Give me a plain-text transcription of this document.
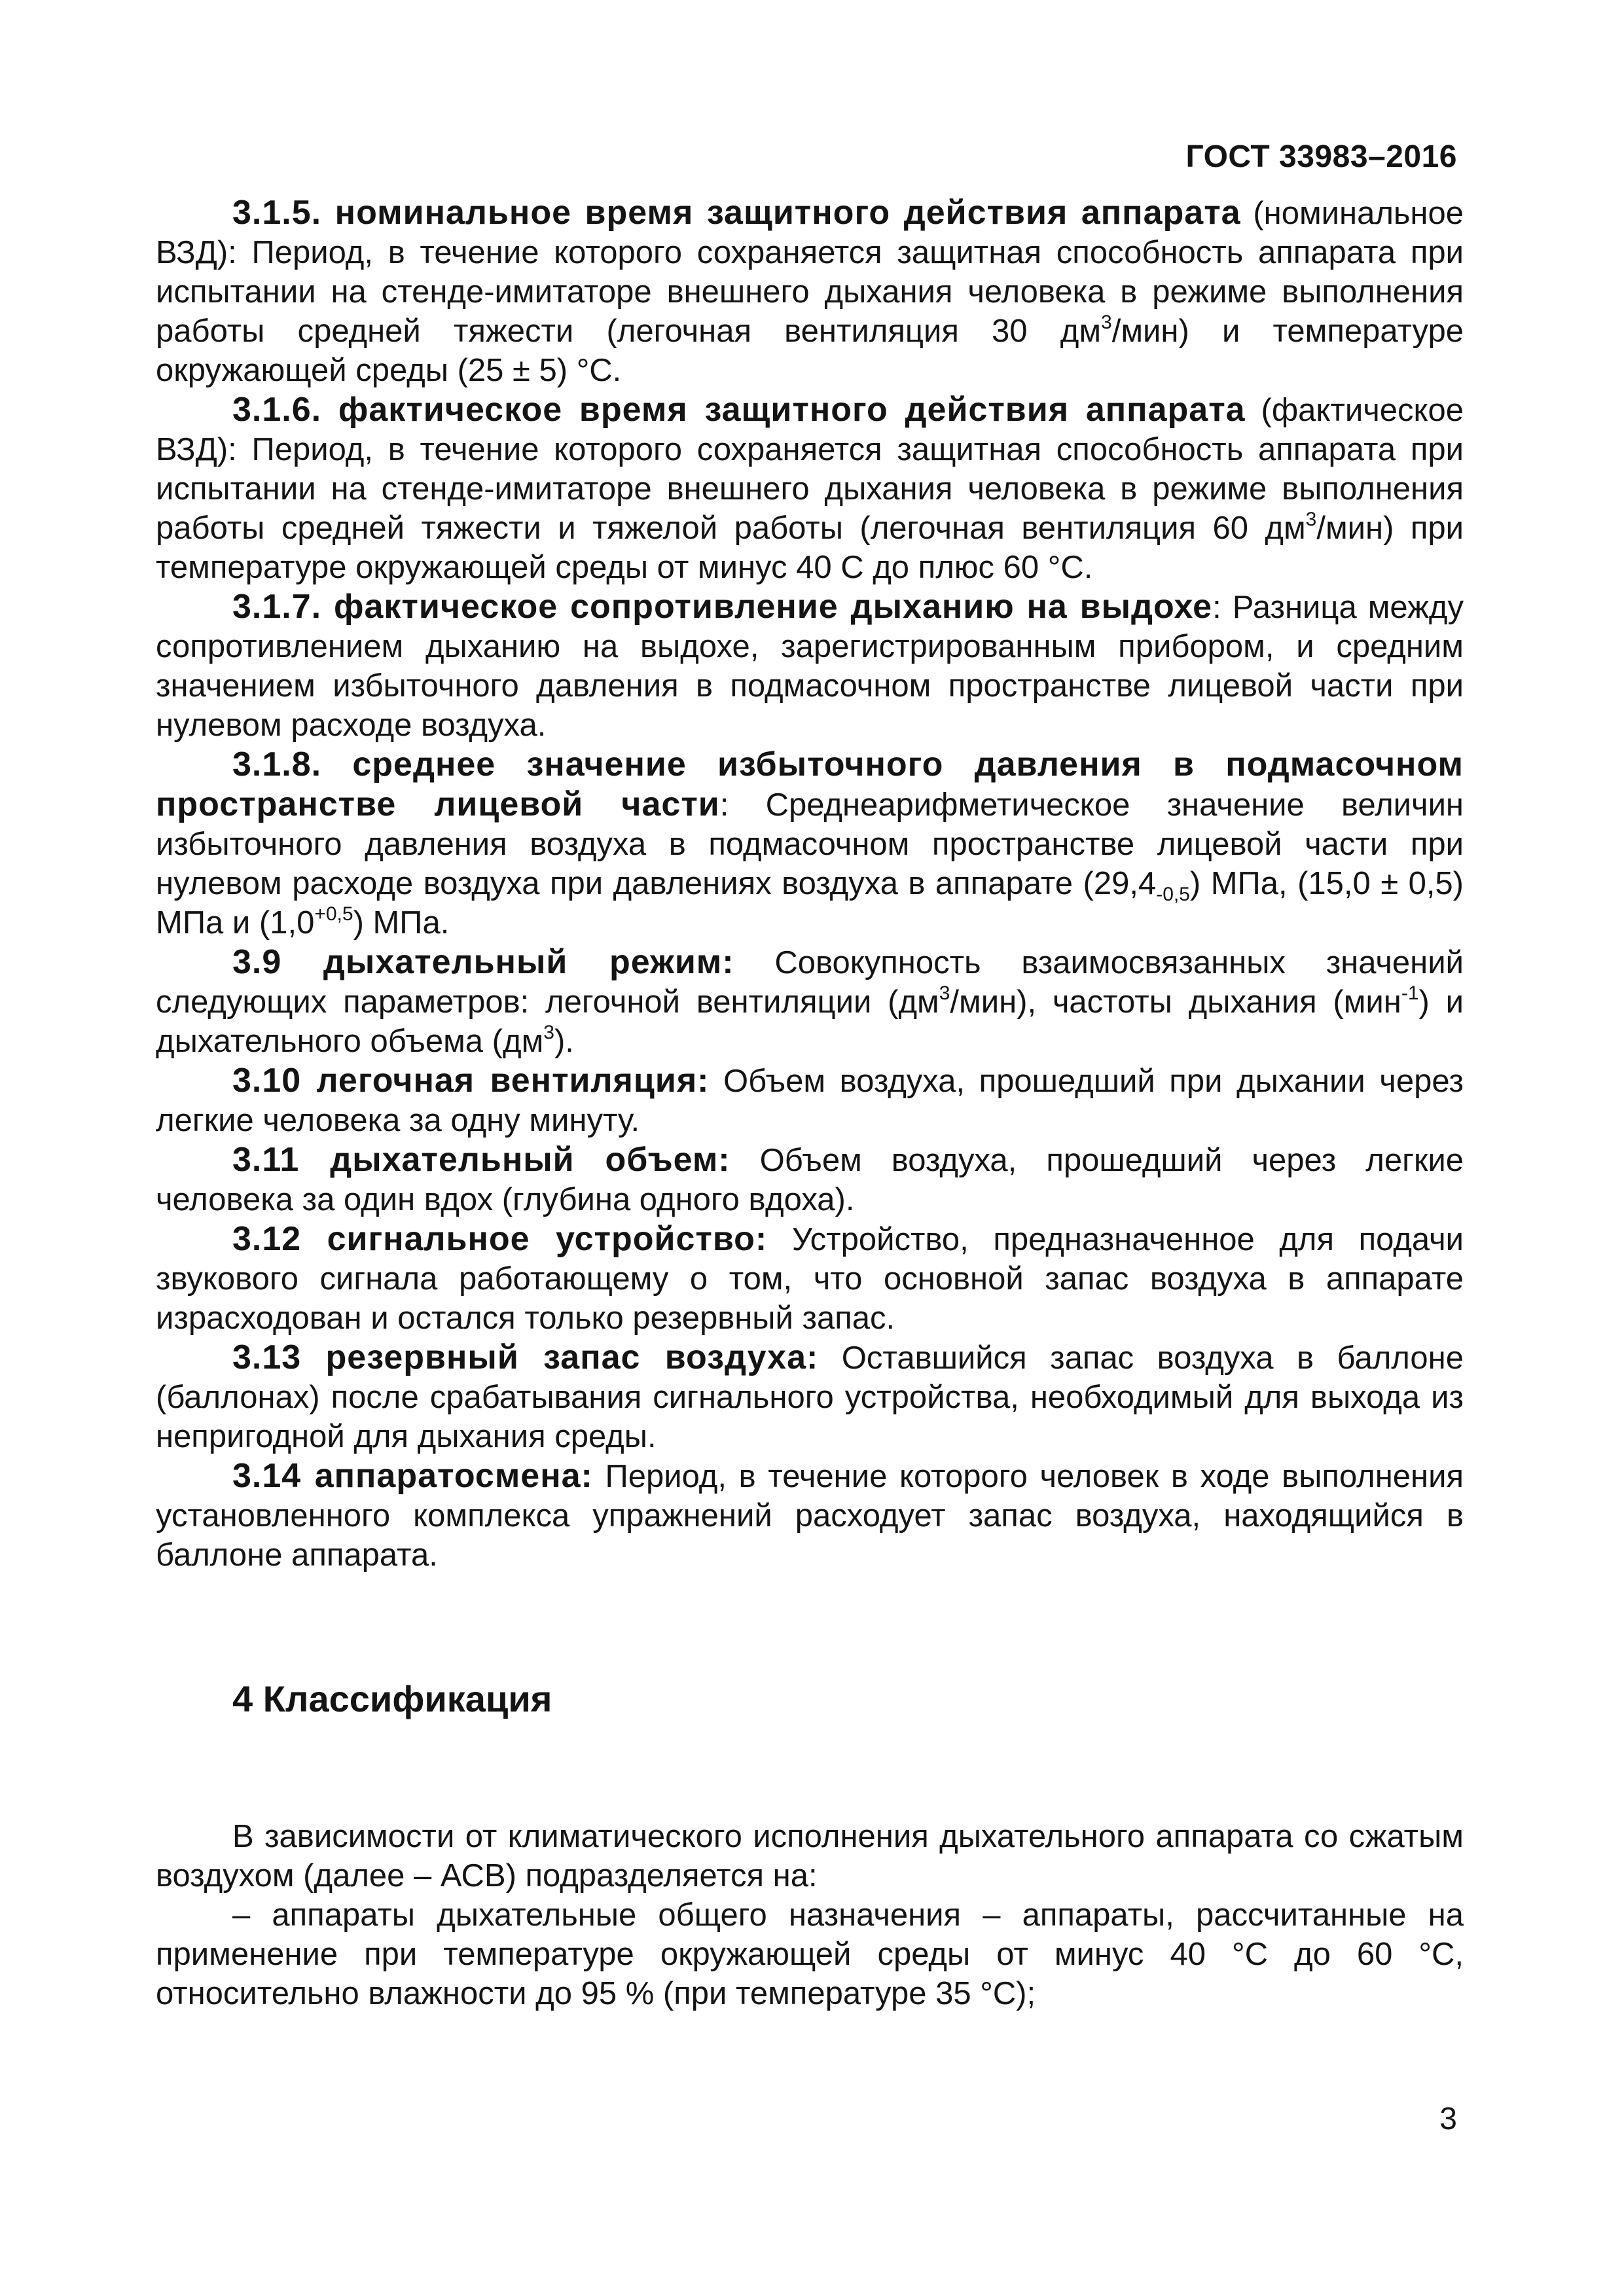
ГОСТ 33983–2016

3.1.5. номинальное время защитного действия аппарата (номинальное ВЗД): Период, в течение которого сохраняется защитная способность аппарата при испытании на стенде-имитаторе внешнего дыхания человека в режиме выполнения работы средней тяжести (легочная вентиляция 30 $дм^3/мин$) и температуре окружающей среды (25 ± 5) °С.

3.1.6. фактическое время защитного действия аппарата (фактическое ВЗД): Период, в течение которого сохраняется защитная способность аппарата при испытании на стенде-имитаторе внешнего дыхания человека в режиме выполнения работы средней тяжести и тяжелой работы (легочная вентиляция 60 $дм^3/мин$) при температуре окружающей среды от минус 40 С до плюс 60 °С.

3.1.7. фактическое сопротивление дыханию на выдохе: Разница между сопротивлением дыханию на выдохе, зарегистрированным прибором, и средним значением избыточного давления в подмасочном пространстве лицевой части при нулевом расходе воздуха.

3.1.8. среднее значение избыточного давления в подмасочном пространстве лицевой части: Среднеарифметическое значение величин избыточного давления воздуха в подмасочном пространстве лицевой части при нулевом расходе воздуха при давлениях воздуха в аппарате $(29,4_{-0,5})$ МПа, (15,0 ± 0,5) МПа и $(1,0^{+0,5})$ МПа.

3.9 дыхательный режим: Совокупность взаимосвязанных значений следующих параметров: легочной вентиляции $(дм^3/мин)$, частоты дыхания (мин$^{-1}$) и дыхательного объема $(дм^3)$.

3.10 легочная вентиляция: Объем воздуха, прошедший при дыхании через легкие человека за одну минуту.

3.11 дыхательный объем: Объем воздуха, прошедший через легкие человека за один вдох (глубина одного вдоха).

3.12 сигнальное устройство: Устройство, предназначенное для подачи звукового сигнала работающему о том, что основной запас воздуха в аппарате израсходован и остался только резервный запас.

3.13 резервный запас воздуха: Оставшийся запас воздуха в баллоне (баллонах) после срабатывания сигнального устройства, необходимый для выхода из непригодной для дыхания среды.

3.14 аппаратосмена: Период, в течение которого человек в ходе выполнения установленного комплекса упражнений расходует запас воздуха, находящийся в баллоне аппарата.

4 Классификация

В зависимости от климатического исполнения дыхательного аппарата со сжатым воздухом (далее – АСВ) подразделяется на:

– аппараты дыхательные общего назначения – аппараты, рассчитанные на применение при температуре окружающей среды от минус 40 °С до 60 °С, относительно влажности до 95 % (при температуре 35 °С);

3
